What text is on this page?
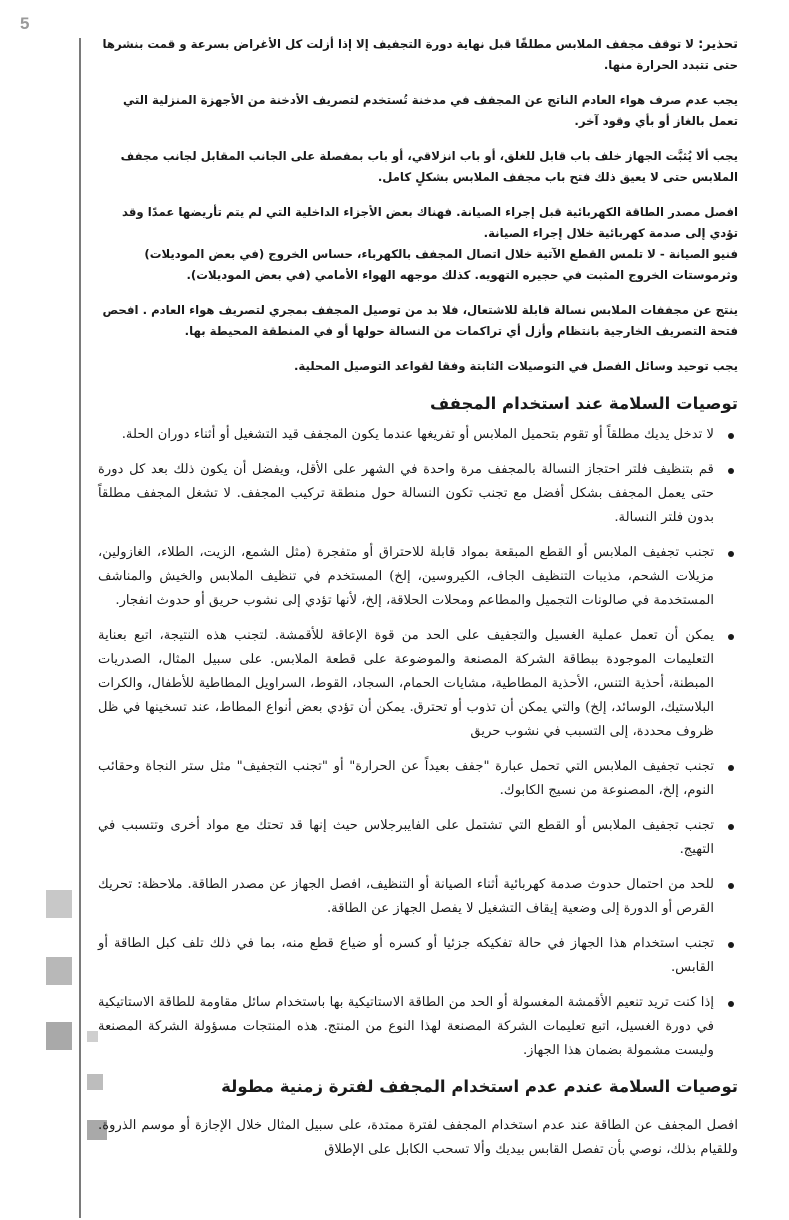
5

تحذير: لا توقف مجفف الملابس مطلقًا قبل نهاية دورة التجفيف إلا إذا أزلت كل الأغراض بسرعة و قمت بنشرها حتى تتبدد الحرارة منها.

يجب عدم صرف هواء العادم الناتج عن المجفف في مدخنة تُستخدم لتصريف الأدخنة من الأجهزة المنزلية التي تعمل بالغاز أو بأي وقود آخر.

يجب ألا يُثبَّت الجهاز خلف باب قابل للغلق، أو باب انزلاقي، أو باب بمفصلة على الجانب المقابل لجانب مجفف الملابس حتى لا يعيق ذلك فتح باب مجفف الملابس بشكلٍ كامل.

افصل مصدر الطاقة الكهربائية قبل إجراء الصيانة. فهناك بعض الأجزاء الداخلية التي لم يتم تأريضها عمدًا وقد تؤدي إلى صدمة كهربائية خلال إجراء الصيانة.

فنيو الصيانة - لا تلمس القطع الآتية خلال اتصال المجفف بالكهرباء، حساس الخروج (في بعض الموديلات) وثرموستات الخروج المثبت في حجيره التهويه. كذلك موجهه الهواء الأمامي (في بعض الموديلات).

ينتج عن مجففات الملابس نسالة قابلة للاشتعال، فلا بد من توصيل المجفف بمجري لتصريف هواء العادم . افحص فتحة التصريف الخارجية بانتظام وأزل أي تراكمات من النسالة حولها أو في المنطقة المحيطة بها.

يجب توحيد وسائل الفصل في التوصيلات الثابتة وفقا لقواعد التوصيل المحلية.

توصيات السلامة عند استخدام المجفف
لا تدخل يديك مطلقاً أو تقوم بتحميل الملابس أو تفريغها عندما يكون المجفف قيد التشغيل أو أثناء دوران الحلة.
قم بتنظيف فلتر احتجاز النسالة بالمجفف مرة واحدة في الشهر على الأقل، ويفضل أن يكون ذلك بعد كل دورة حتى يعمل المجفف بشكل أفضل مع تجنب تكون النسالة حول منطقة تركيب المجفف. لا تشغل المجفف مطلقاً بدون فلتر النسالة.
تجنب تجفيف الملابس أو القطع المبقعة بمواد قابلة للاحتراق أو متفجرة (مثل الشمع، الزيت، الطلاء، الغازولين، مزيلات الشحم، مذيبات التنظيف الجاف، الكيروسين، إلخ) المستخدم في تنظيف الملابس والخيش والمناشف المستخدمة في صالونات التجميل والمطاعم ومحلات الحلاقة، إلخ، لأنها تؤدي إلى نشوب حريق أو حدوث انفجار.
يمكن أن تعمل عملية الغسيل والتجفيف على الحد من قوة الإعاقة للأقمشة. لتجنب هذه النتيجة، اتبع بعناية التعليمات الموجودة ببطاقة الشركة المصنعة والموضوعة على قطعة الملابس. على سبيل المثال، الصدريات المبطنة، أحذية التنس، الأحذية المطاطية، مشايات الحمام، السجاد، القوط، السراويل المطاطية للأطفال، والكرات البلاستيك، الوسائد، إلخ) والتي يمكن أن تذوب أو تحترق. يمكن أن تؤدي بعض أنواع المطاط، عند تسخينها في ظل ظروف محددة، إلى التسبب في نشوب حريق
تجنب تجفيف الملابس التي تحمل عبارة "جفف بعيداً عن الحرارة" أو "تجنب التجفيف" مثل ستر النجاة وحقائب النوم، إلخ، المصنوعة من نسيج الكابوك.
تجنب تجفيف الملابس أو القطع التي تشتمل على الفايبرجلاس حيث إنها قد تحتك مع مواد أخرى وتتسبب في التهيج.
للحد من احتمال حدوث صدمة كهربائية أثناء الصيانة أو التنظيف، افصل الجهاز عن مصدر الطاقة. ملاحظة: تحريك القرص أو الدورة إلى وضعية إيقاف التشغيل لا يفصل الجهاز عن الطاقة.
تجنب استخدام هذا الجهاز في حالة تفكيكه جزئيا أو كسره أو ضياع قطع منه، بما في ذلك تلف كبل الطاقة أو القابس.
إذا كنت تريد تنعيم الأقمشة المغسولة أو الحد من الطاقة الاستاتيكية بها باستخدام سائل مقاومة للطاقة الاستاتيكية في دورة الغسيل، اتبع تعليمات الشركة المصنعة لهذا النوع من المنتج. هذه المنتجات مسؤولة الشركة المصنعة وليست مشمولة بضمان هذا الجهاز.
توصيات السلامة عندم عدم استخدام المجفف لفترة زمنية مطولة

افصل المجفف عن الطاقة عند عدم استخدام المجفف لفترة ممتدة، على سبيل المثال خلال الإجازة أو موسم الذروة. وللقيام بذلك، نوصي بأن تفصل القابس بيديك وألا تسحب الكابل على الإطلاق
